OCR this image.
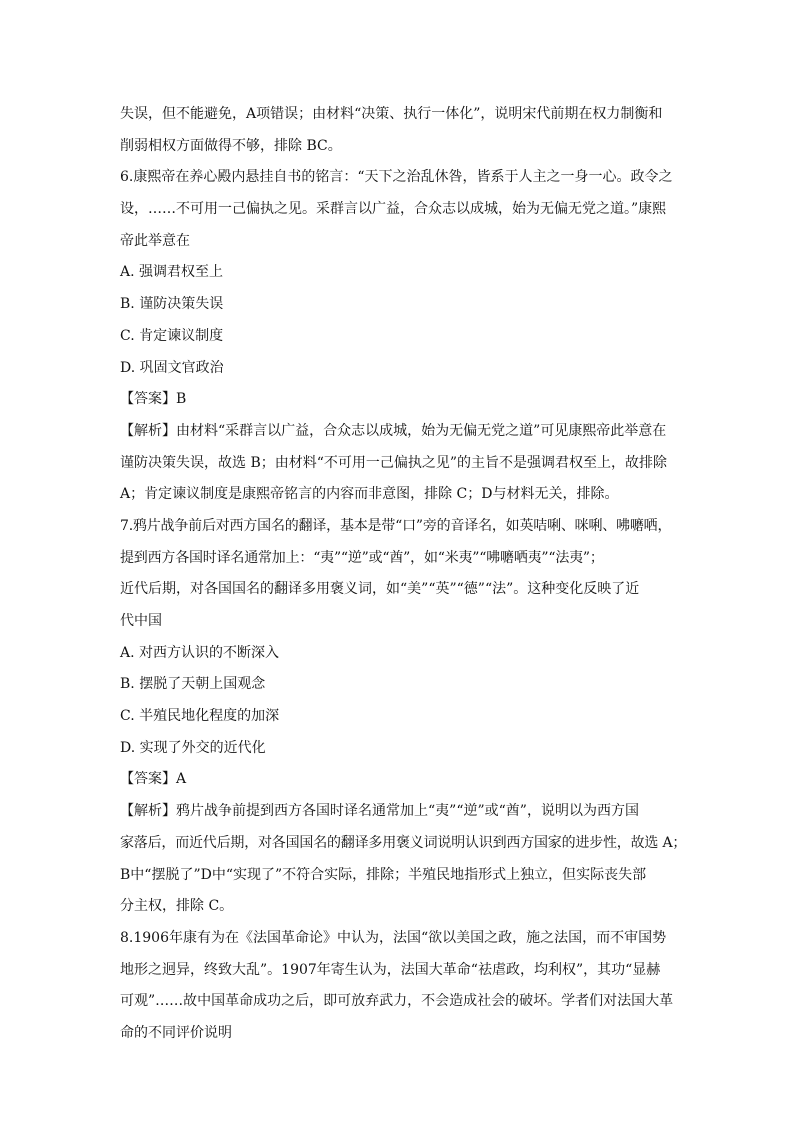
失误，但不能避免，A项错误；由材料“决策、执行一体化”，说明宋代前期在权力制衡和
削弱相权方面做得不够，排除 BC。
6.康熙帝在养心殿内悬挂自书的铭言：“天下之治乱休咎，皆系于人主之一身一心。政令之
设，……不可用一己偏执之见。采群言以广益，合众志以成城，始为无偏无党之道。”康熙
帝此举意在
A. 强调君权至上
B. 谨防决策失误
C. 肯定谏议制度
D. 巩固文官政治
【答案】B
【解析】由材料“采群言以广益，合众志以成城，始为无偏无党之道”可见康熙帝此举意在
谨防决策失误，故选 B；由材料“不可用一己偏执之见”的主旨不是强调君权至上，故排除
A；肯定谏议制度是康熙帝铭言的内容而非意图，排除 C；D与材料无关，排除。
7.鸦片战争前后对西方国名的翻译，基本是带“口”旁的音译名，如英咭唎、咪唎、咈嚰哂，
提到西方各国时译名通常加上：“夷”“逆”或“酋”，如“米夷”“咈嚰哂夷”“法夷”；
近代后期，对各国国名的翻译多用褒义词，如“美”“英”“德”“法”。这种变化反映了近
代中国
A. 对西方认识的不断深入
B. 摆脱了天朝上国观念
C. 半殖民地化程度的加深
D. 实现了外交的近代化
【答案】A
【解析】鸦片战争前提到西方各国时译名通常加上“夷”“逆”或“酋”，说明以为西方国
家落后，而近代后期，对各国国名的翻译多用褒义词说明认识到西方国家的进步性，故选 A；
B中“摆脱了”D中“实现了”不符合实际，排除；半殖民地指形式上独立，但实际丧失部
分主权，排除 C。
8.1906年康有为在《法国革命论》中认为，法国“欲以美国之政，施之法国，而不审国势
地形之迥异，终致大乱”。1907年寄生认为，法国大革命“祛虐政，均利权”，其功“显赫
可观”……故中国革命成功之后，即可放弃武力，不会造成社会的破坏。学者们对法国大革
命的不同评价说明
